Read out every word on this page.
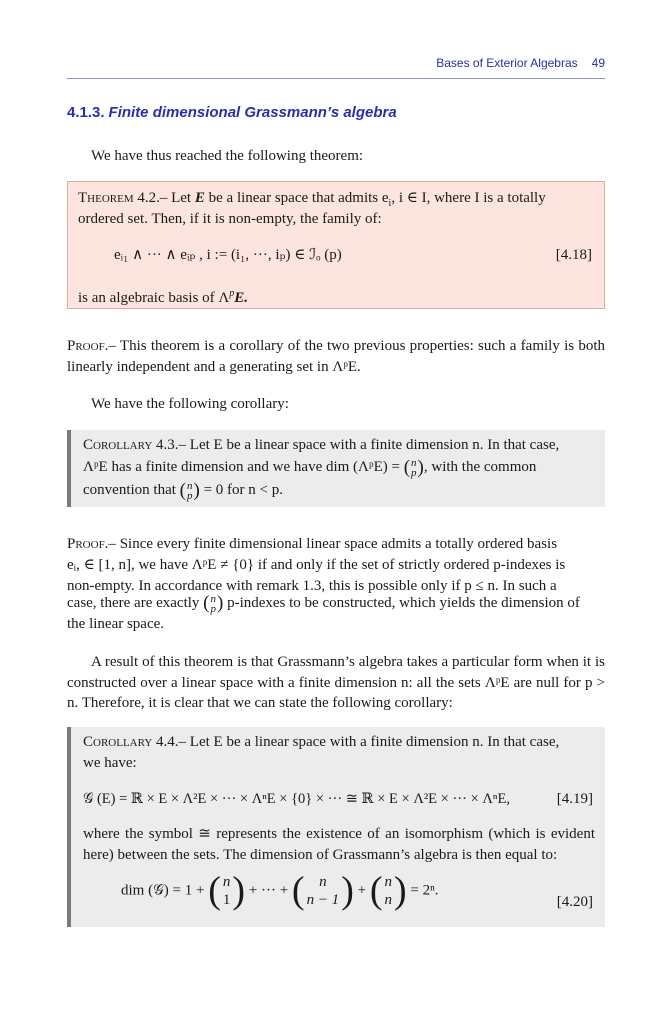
Bases of Exterior Algebras 49
4.1.3. Finite dimensional Grassmann’s algebra
We have thus reached the following theorem:
Theorem 4.2.– Let E be a linear space that admits $e_i$, i ∈ I, where I is a totally
ordered set. Then, if it is non-empty, the family of:
eᵢ₁ ∧ ··· ∧ eᵢₚ , i := (i₁, ···, iₚ) ∈ ℐₒ (p)	[4.18]
is an algebraic basis of $\Lambda^pE$.
Proof.– This theorem is a corollary of the two previous properties: such a family is both linearly independent and a generating set in ΛᵖE.
We have the following corollary:
Corollary 4.3.– Let E be a linear space with a finite dimension n. In that case,
ΛᵖE has a finite dimension and we have dim (ΛᵖE) = ( n
p ), with the common
convention that ( n
p ) = 0 for n < p.
Proof.– Since every finite dimensional linear space admits a totally ordered basis
eᵢ, ∈ [1, n], we have ΛᵖE ≠ {0} if and only if the set of strictly ordered p-indexes is
non-empty. In accordance with remark 1.3, this is possible only if p ≤ n. In such a
case, there are exactly ( n
p ) p-indexes to be constructed, which yields the dimension of
the linear space.
A result of this theorem is that Grassmann’s algebra takes a particular form when it is constructed over a linear space with a finite dimension n: all the sets ΛᵖE are null for p > n. Therefore, it is clear that we can state the following corollary:
Corollary 4.4.– Let E be a linear space with a finite dimension n. In that case,
we have:
𝒢 (E) = ℝ × E × Λ²E × ··· × ΛⁿE × {0} × ··· ≅ ℝ × E × Λ²E × ··· × ΛⁿE,	[4.19]
where the symbol ≅ represents the existence of an isomorphism (which is evident here) between the sets. The dimension of Grassmann’s algebra is then equal to:
dim (𝒢) = 1 + ( n
1 ) + ··· + ( n
n − 1 ) + ( n
n ) = 2ⁿ.
[4.20]
